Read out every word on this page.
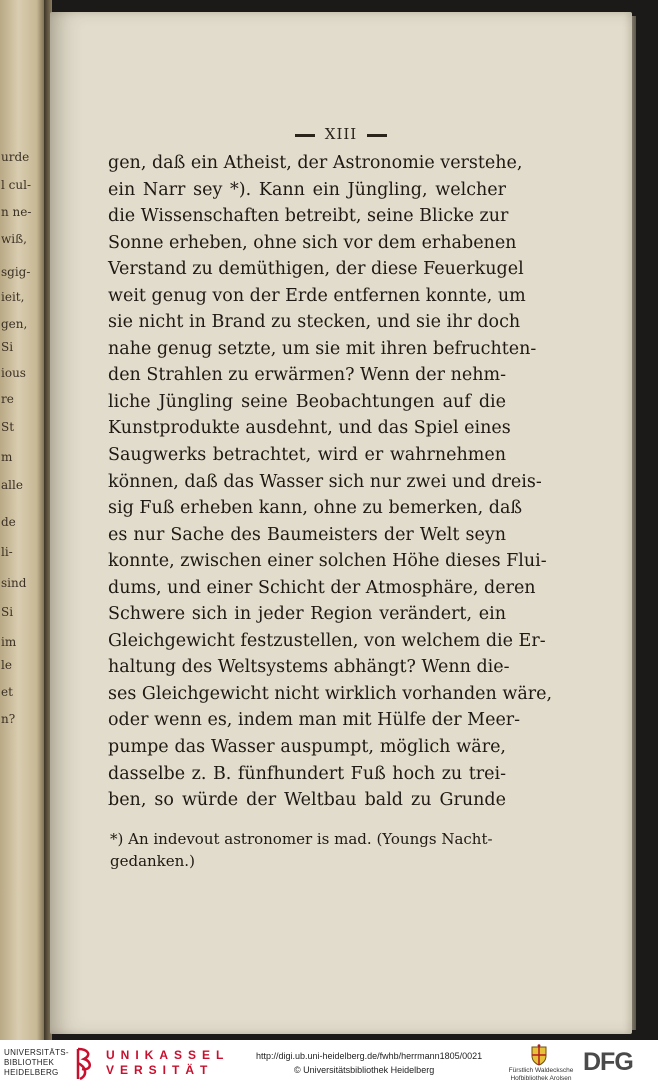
urde
l cul-
n ne-
wiß,
sgig-
ieit,
gen,
Si
ious
re
St
m
alle
de
li-
sind
Si
im
le
et
n?
XIII
gen, daß ein Atheist, der Astronomie verstehe,
ein Narr sey *). Kann ein Jüngling, welcher
die Wissenschaften betreibt, seine Blicke zur
Sonne erheben, ohne sich vor dem erhabenen
Verstand zu demüthigen, der diese Feuerkugel
weit genug von der Erde entfernen konnte, um
sie nicht in Brand zu stecken, und sie ihr doch
nahe genug setzte, um sie mit ihren befruchten-
den Strahlen zu erwärmen? Wenn der nehm-
liche Jüngling seine Beobachtungen auf die
Kunstprodukte ausdehnt, und das Spiel eines
Saugwerks betrachtet, wird er wahrnehmen
können, daß das Wasser sich nur zwei und dreis-
sig Fuß erheben kann, ohne zu bemerken, daß
es nur Sache des Baumeisters der Welt seyn
konnte, zwischen einer solchen Höhe dieses Flui-
dums, und einer Schicht der Atmosphäre, deren
Schwere sich in jeder Region verändert, ein
Gleichgewicht festzustellen, von welchem die Er-
haltung des Weltsystems abhängt? Wenn die-
ses Gleichgewicht nicht wirklich vorhanden wäre,
oder wenn es, indem man mit Hülfe der Meer-
pumpe das Wasser auspumpt, möglich wäre,
dasselbe z. B. fünfhundert Fuß hoch zu trei-
ben, so würde der Weltbau bald zu Grunde
*) An indevout astronomer is mad. (Youngs Nacht-
gedanken.)
UNIVERSITÄTS-
BIBLIOTHEK
HEIDELBERG
UNIKASSEL
VERSITÄT
http://digi.ub.uni-heidelberg.de/fwhb/herrmann1805/0021
© Universitätsbibliothek Heidelberg	Fürstlich Waldecksche
Hofbibliothek Arolsen
DFG
